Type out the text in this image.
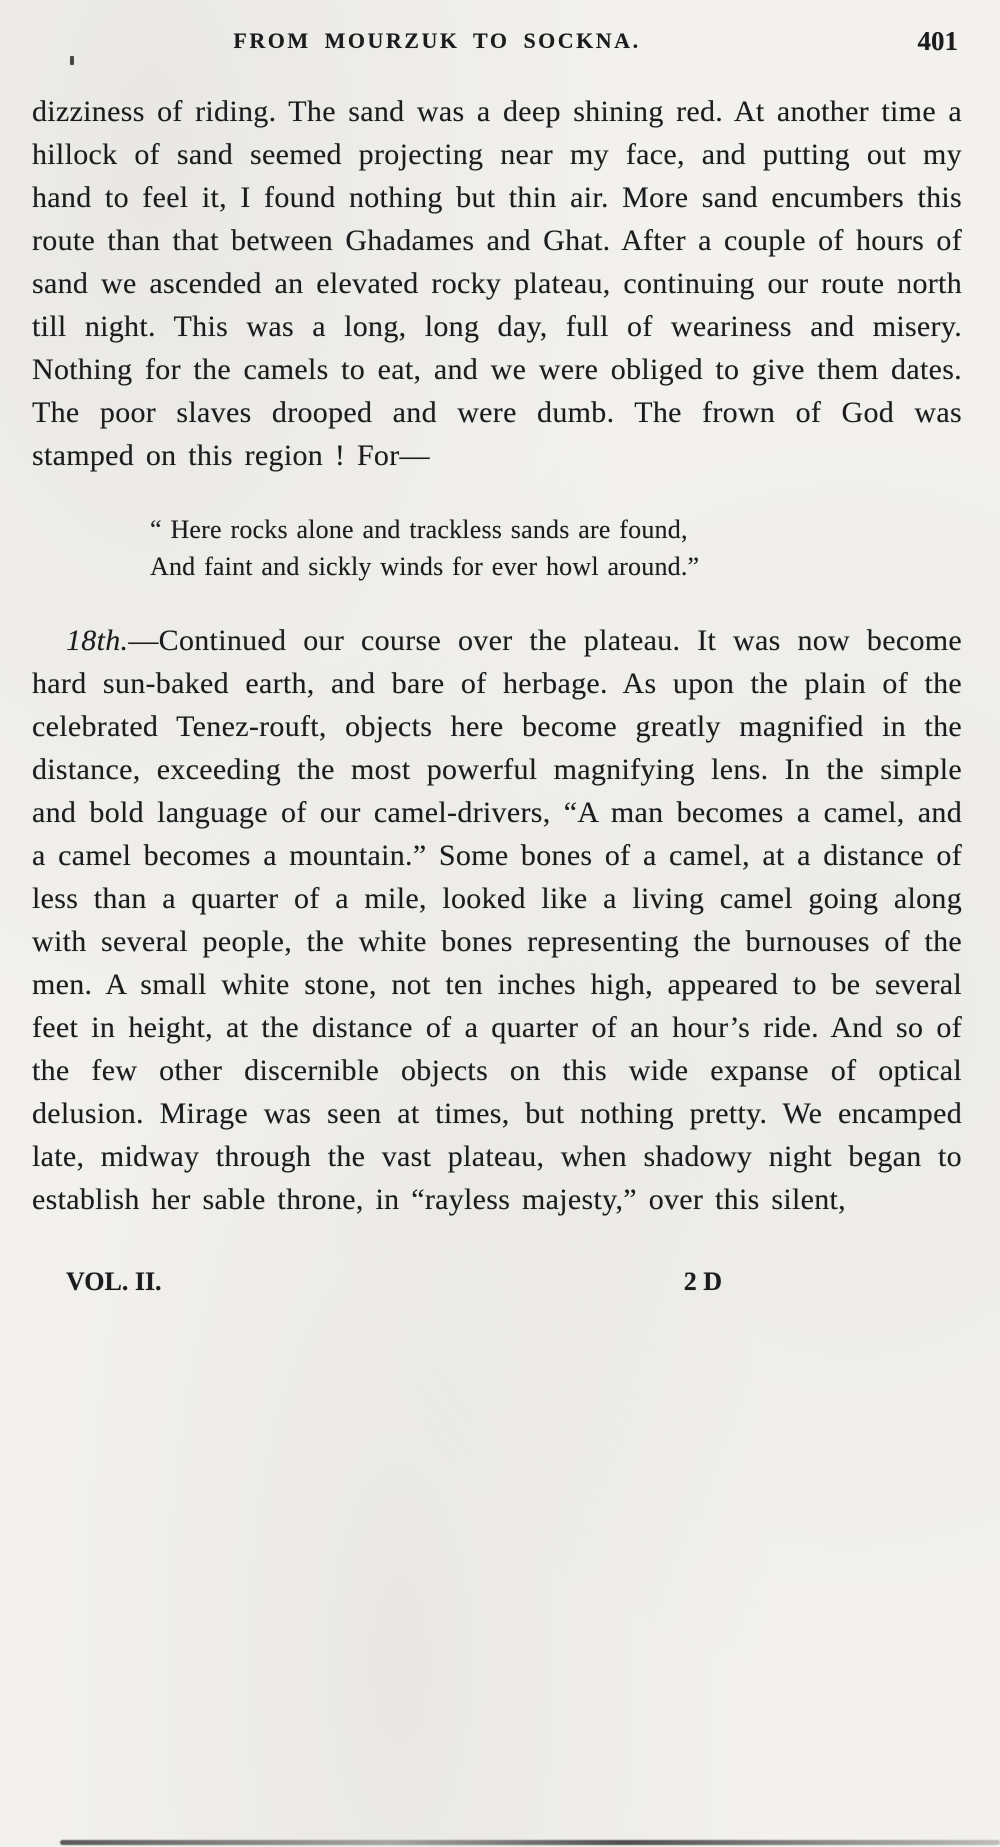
FROM MOURZUK TO SOCKNA.	401

dizziness of riding. The sand was a deep shining red. At another time a hillock of sand seemed projecting near my face, and putting out my hand to feel it, I found nothing but thin air. More sand encumbers this route than that between Ghadames and Ghat. After a couple of hours of sand we ascended an elevated rocky plateau, continuing our route north till night. This was a long, long day, full of weariness and misery. Nothing for the camels to eat, and we were obliged to give them dates. The poor slaves drooped and were dumb. The frown of God was stamped on this region ! For—

“ Here rocks alone and trackless sands are found,
And faint and sickly winds for ever howl around.”

18th.—Continued our course over the plateau. It was now become hard sun-baked earth, and bare of herbage. As upon the plain of the celebrated Tenez-rouft, objects here become greatly magnified in the distance, exceeding the most powerful magnifying lens. In the simple and bold language of our camel-drivers, “A man becomes a camel, and a camel becomes a mountain.” Some bones of a camel, at a distance of less than a quarter of a mile, looked like a living camel going along with several people, the white bones representing the burnouses of the men. A small white stone, not ten inches high, appeared to be several feet in height, at the distance of a quarter of an hour’s ride. And so of the few other discernible objects on this wide expanse of optical delusion. Mirage was seen at times, but nothing pretty. We encamped late, midway through the vast plateau, when shadowy night began to establish her sable throne, in “rayless majesty,” over this silent,

VOL. II.	2 D
